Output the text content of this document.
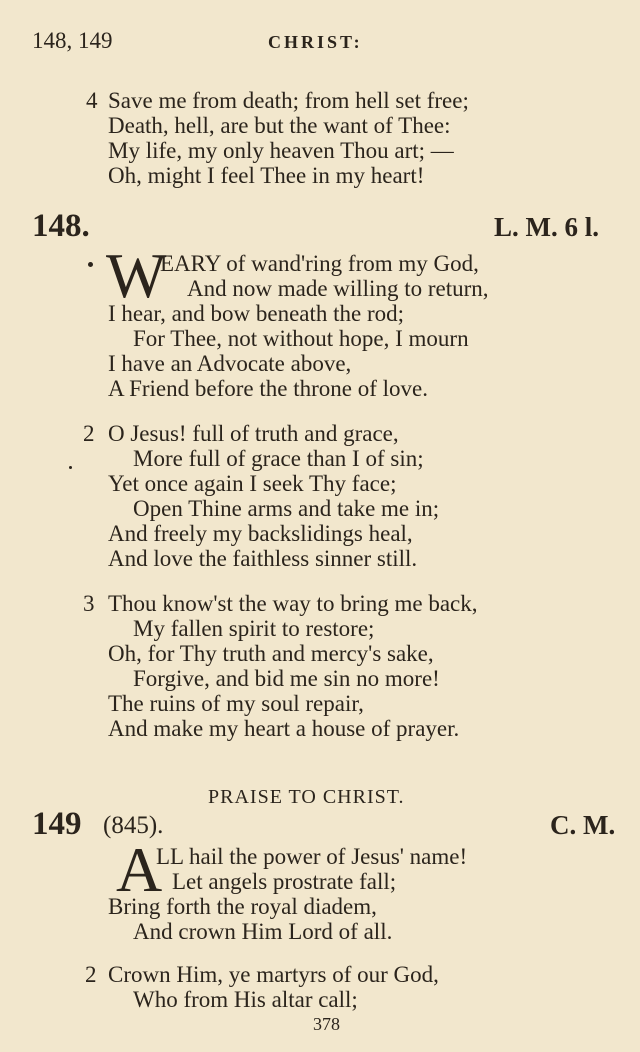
148, 149	CHRIST:
4 Save me from death; from hell set free;
Death, hell, are but the want of Thee:
My life, my only heaven Thou art; —
Oh, might I feel Thee in my heart!
148.	L. M. 6 l.
W
EARY of wand'ring from my God,
And now made willing to return,
I hear, and bow beneath the rod;
For Thee, not without hope, I mourn
I have an Advocate above,
A Friend before the throne of love.
2 O Jesus! full of truth and grace,
More full of grace than I of sin;
Yet once again I seek Thy face;
Open Thine arms and take me in;
And freely my backslidings heal,
And love the faithless sinner still.
3 Thou know'st the way to bring me back,
My fallen spirit to restore;
Oh, for Thy truth and mercy's sake,
Forgive, and bid me sin no more!
The ruins of my soul repair,
And make my heart a house of prayer.
PRAISE TO CHRIST.
149 (845).	C. M.
A
LL hail the power of Jesus' name!
Let angels prostrate fall;
Bring forth the royal diadem,
And crown Him Lord of all.
2 Crown Him, ye martyrs of our God,
Who from His altar call;
378
